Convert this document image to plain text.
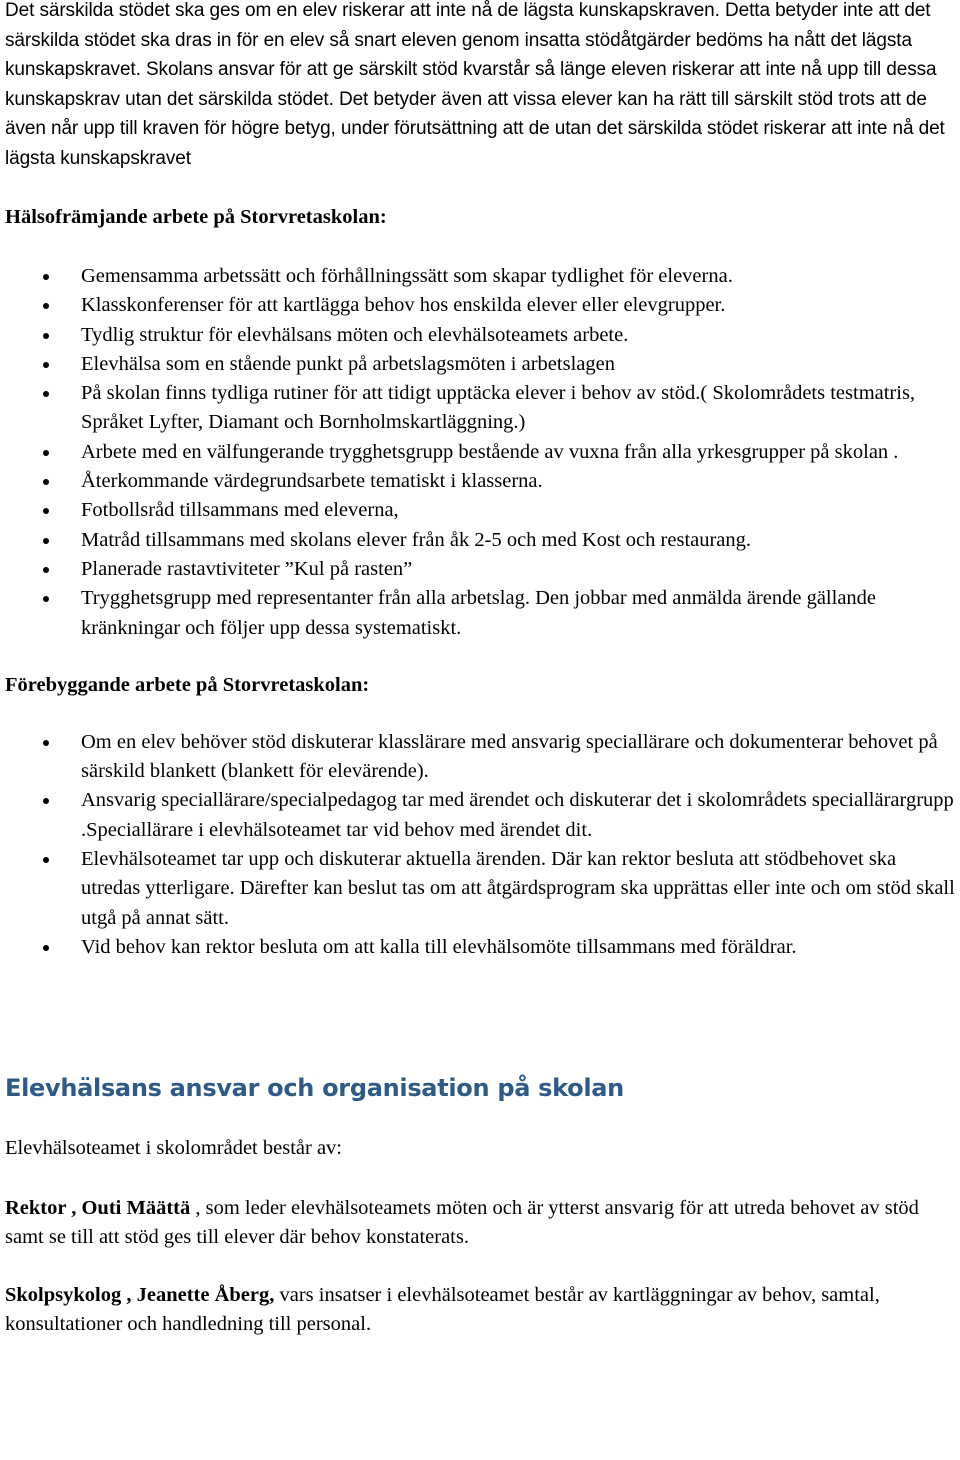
Det särskilda stödet ska ges om en elev riskerar att inte nå de lägsta kunskapskraven. Detta betyder inte att det särskilda stödet ska dras in för en elev så snart eleven genom insatta stödåtgärder bedöms ha nått det lägsta kunskapskravet. Skolans ansvar för att ge särskilt stöd kvarstår så länge eleven riskerar att inte nå upp till dessa kunskapskrav utan det särskilda stödet. Det betyder även att vissa elever kan ha rätt till särskilt stöd trots att de även når upp till kraven för högre betyg, under förutsättning att de utan det särskilda stödet riskerar att inte nå det lägsta kunskapskravet

Hälsofrämjande arbete på Storvretaskolan:

Gemensamma arbetssätt och förhållningssätt som skapar tydlighet för eleverna.
Klasskonferenser för att kartlägga behov hos enskilda elever eller elevgrupper.
Tydlig struktur för elevhälsans möten och elevhälsoteamets arbete.
Elevhälsa som en stående punkt på arbetslagsmöten i arbetslagen
På skolan finns tydliga rutiner för att tidigt upptäcka elever i behov av stöd.( Skolområdets testmatris, Språket Lyfter, Diamant och Bornholmskartläggning.)
Arbete med en välfungerande trygghetsgrupp bestående av vuxna från alla yrkesgrupper på skolan .
Återkommande värdegrundsarbete tematiskt i klasserna.
Fotbollsråd tillsammans med eleverna,
Matråd tillsammans med skolans elever från åk 2-5 och med Kost och restaurang.
Planerade rastavtiviteter ”Kul på rasten”
Trygghetsgrupp med representanter från alla arbetslag. Den jobbar med anmälda ärende gällande kränkningar och följer upp dessa systematiskt.

Förebyggande arbete på Storvretaskolan:

Om en elev behöver stöd diskuterar klasslärare med ansvarig speciallärare och dokumenterar behovet på särskild blankett (blankett för elevärende).
Ansvarig speciallärare/specialpedagog tar med ärendet och diskuterar det i skolområdets speciallärargrupp .Speciallärare i elevhälsoteamet tar vid behov med ärendet dit.
Elevhälsoteamet tar upp och diskuterar aktuella ärenden. Där kan rektor besluta att stödbehovet ska utredas ytterligare. Därefter kan beslut tas om att åtgärdsprogram ska upprättas eller inte och om stöd skall utgå på annat sätt.
Vid behov kan rektor besluta om att kalla till elevhälsomöte tillsammans med föräldrar.
Elevhälsans ansvar och organisation på skolan

Elevhälsoteamet i skolområdet består av:

Rektor , Outi Määttä , som leder elevhälsoteamets möten och är ytterst ansvarig för att utreda behovet av stöd samt se till att stöd ges till elever där behov konstaterats.

Skolpsykolog , Jeanette Åberg, vars insatser i elevhälsoteamet består av kartläggningar av behov, samtal, konsultationer och handledning till personal.
